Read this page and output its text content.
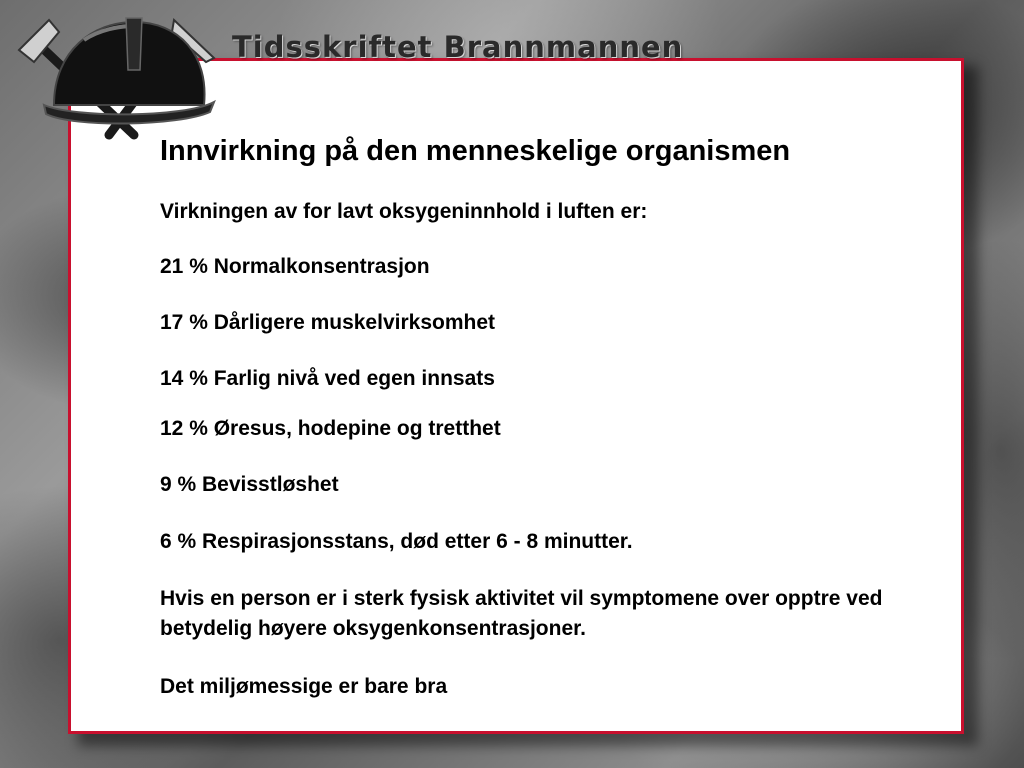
Tidsskriftet Brannmannen
Innvirkning på den menneskelige organismen
Virkningen av for lavt oksygeninnhold i luften er:
21 % Normalkonsentrasjon
17 % Dårligere muskelvirksomhet
14 % Farlig nivå ved egen innsats
12 % Øresus, hodepine og tretthet
9 % Bevisstløshet
6 % Respirasjonsstans, død etter 6 - 8 minutter.
Hvis en person er i sterk fysisk aktivitet vil symptomene over opptre ved betydelig høyere oksygenkonsentrasjoner.
Det miljømessige er bare bra
